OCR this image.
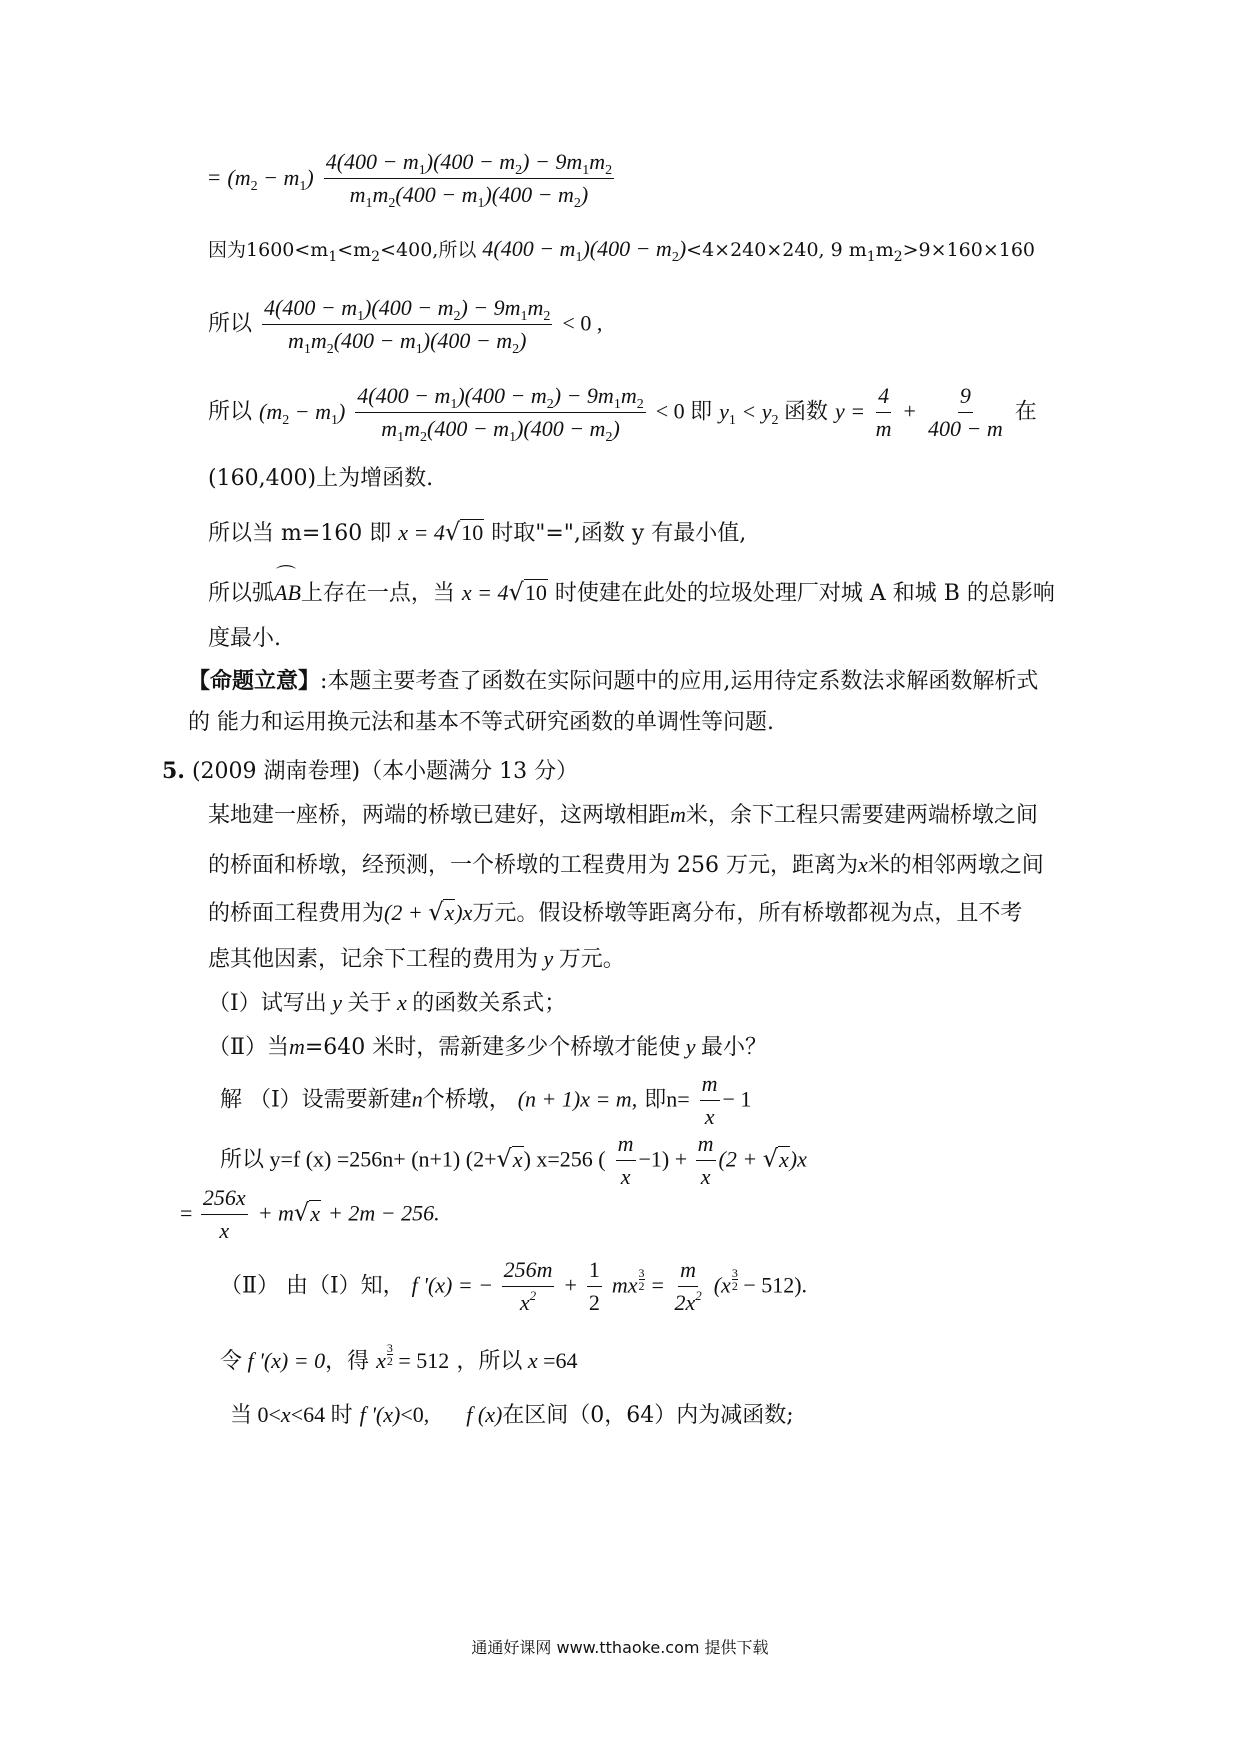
= $(m_2 - m_1) \frac{4(400 - m_1)(400 - m_2) - 9m_1m_2}{m_1m_2(400 - m_1)(400 - m_2)}$
因为$1600<m_1<m_2<400$,所以 $4(400 - m_1)(400 - m_2)<4\times 240\times 240$, 9 $m_1m_2>9\times 160\times 160$
所以 $\frac{4(400 - m_1)(400 - m_2) - 9m_1m_2}{m_1m_2(400 - m_1)(400 - m_2)} < 0$ ,
所以 $(m_2 - m_1) \frac{4(400 - m_1)(400 - m_2) - 9m_1m_2}{m_1m_2(400 - m_1)(400 - m_2)} < 0$ 即 $y_1 < y_2$ 函数 $y = \frac{4}{m} + \frac{9}{400 - m}$ 在
(160,400)上为增函数.
所以当 m=160 即 x = 4√10 时取"=",函数 y 有最小值,
所以弧⌒ AB上存在一点，当 x = 4√10 时使建在此处的垃圾处理厂对城 A 和城 B 的总影响
度最小.
【命题立意】:本题主要考查了函数在实际问题中的应用,运用待定系数法求解函数解析式
的 能力和运用换元法和基本不等式研究函数的单调性等问题.
5. (2009 湖南卷理)（本小题满分 13 分）
某地建一座桥，两端的桥墩已建好，这两墩相距m米，余下工程只需要建两端桥墩之间
的桥面和桥墩，经预测，一个桥墩的工程费用为 256 万元，距离为x米的相邻两墩之间
的桥面工程费用为(2 + √x)x万元。假设桥墩等距离分布，所有桥墩都视为点，且不考
虑其他因素，记余下工程的费用为 y 万元。
（Ⅰ）试写出 y 关于 x 的函数关系式；
（Ⅱ）当m=640 米时，需新建多少个桥墩才能使 y 最小？
解 （Ⅰ）设需要新建n个桥墩， (n + 1)x = m, 即$n= \frac{m}{x} - 1$
所以 y=f (x) =256n+ (n+1) (2+√x) x=256 ( $\frac{m}{x} -1) + \frac{m}{x} (2 + √x)x$
= $\frac{256x}{x} + m√x + 2m - 256$.
（Ⅱ） 由（Ⅰ）知， f '(x) = − $\frac{256m}{x^2} + \frac{1}{2}$ mx $\frac{3}{2} = \frac{m}{2x^2} (x \frac{3}{2} - 512)$.
令 f '(x) = 0，得 x $\frac{3}{2} = 512$ ，所以 x =64
当 0<x<64 时 f '(x)<0, f (x)在区间（0，64）内为减函数;
通通好课网 www.tthaoke.com 提供下载
